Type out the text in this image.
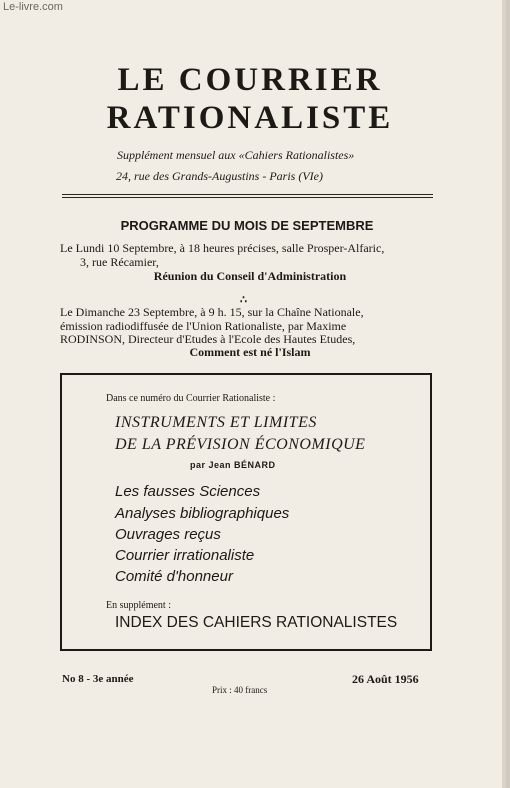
Le-livre.com
LE COURRIER
RATIONALISTE
Supplément mensuel aux «Cahiers Rationalistes»
24, rue des Grands-Augustins - Paris (VIe)
PROGRAMME DU MOIS DE SEPTEMBRE
Le Lundi 10 Septembre, à 18 heures précises, salle Prosper-Alfaric,
3, rue Récamier,
Réunion du Conseil d'Administration
∴
Le Dimanche 23 Septembre, à 9 h. 15, sur la Chaîne Nationale,
émission radiodiffusée de l'Union Rationaliste, par Maxime
RODINSON, Directeur d'Etudes à l'Ecole des Hautes Etudes,
Comment est né l'Islam
Dans ce numéro du Courrier Rationaliste :
INSTRUMENTS ET LIMITES
DE LA PRÉVISION ÉCONOMIQUE
par Jean BÉNARD
Les fausses Sciences
Analyses bibliographiques
Ouvrages reçus
Courrier irrationaliste
Comité d'honneur
En supplément :
INDEX DES CAHIERS RATIONALISTES
No 8 - 3e année	26 Août 1956
Prix : 40 francs
